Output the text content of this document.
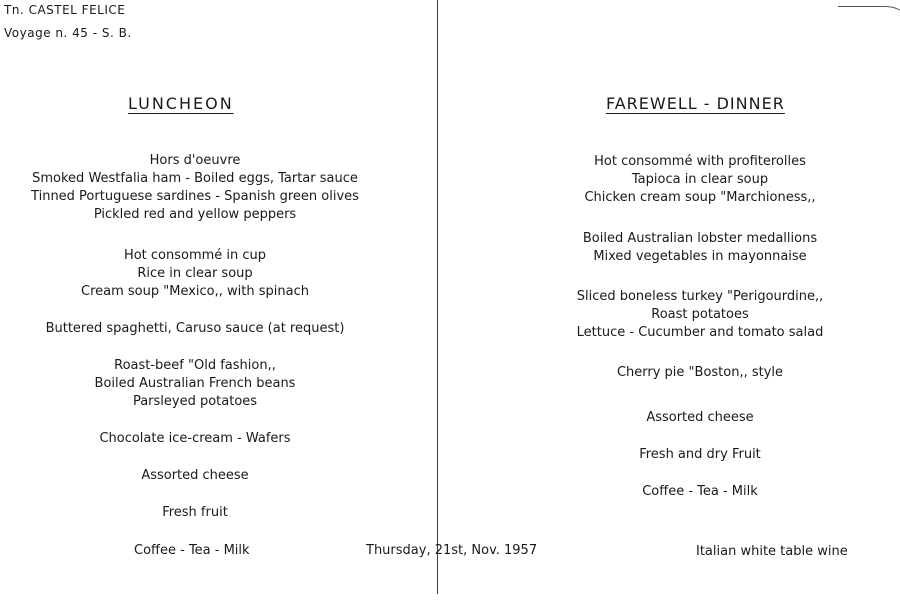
Tn. CASTEL FELICE
Voyage n. 45 - S. B.
LUNCHEON	FAREWELL - DINNER
Hors d'oeuvre
Smoked Westfalia ham - Boiled eggs, Tartar sauce
Tinned Portuguese sardines - Spanish green olives
Pickled red and yellow peppers
Hot consommé in cup
Rice in clear soup
Cream soup "Mexico,, with spinach
Buttered spaghetti, Caruso sauce (at request)
Roast-beef "Old fashion,,
Boiled Australian French beans
Parsleyed potatoes
Chocolate ice-cream - Wafers
Assorted cheese
Fresh fruit
Hot consommé with profiterolles
Tapioca in clear soup
Chicken cream soup "Marchioness,,
Boiled Australian lobster medallions
Mixed vegetables in mayonnaise
Sliced boneless turkey "Perigourdine,,
Roast potatoes
Lettuce - Cucumber and tomato salad
Cherry pie "Boston,, style
Assorted cheese
Fresh and dry Fruit
Coffee - Tea - Milk
Coffee - Tea - Milk	Thursday, 21st, Nov. 1957	Italian white table wine
